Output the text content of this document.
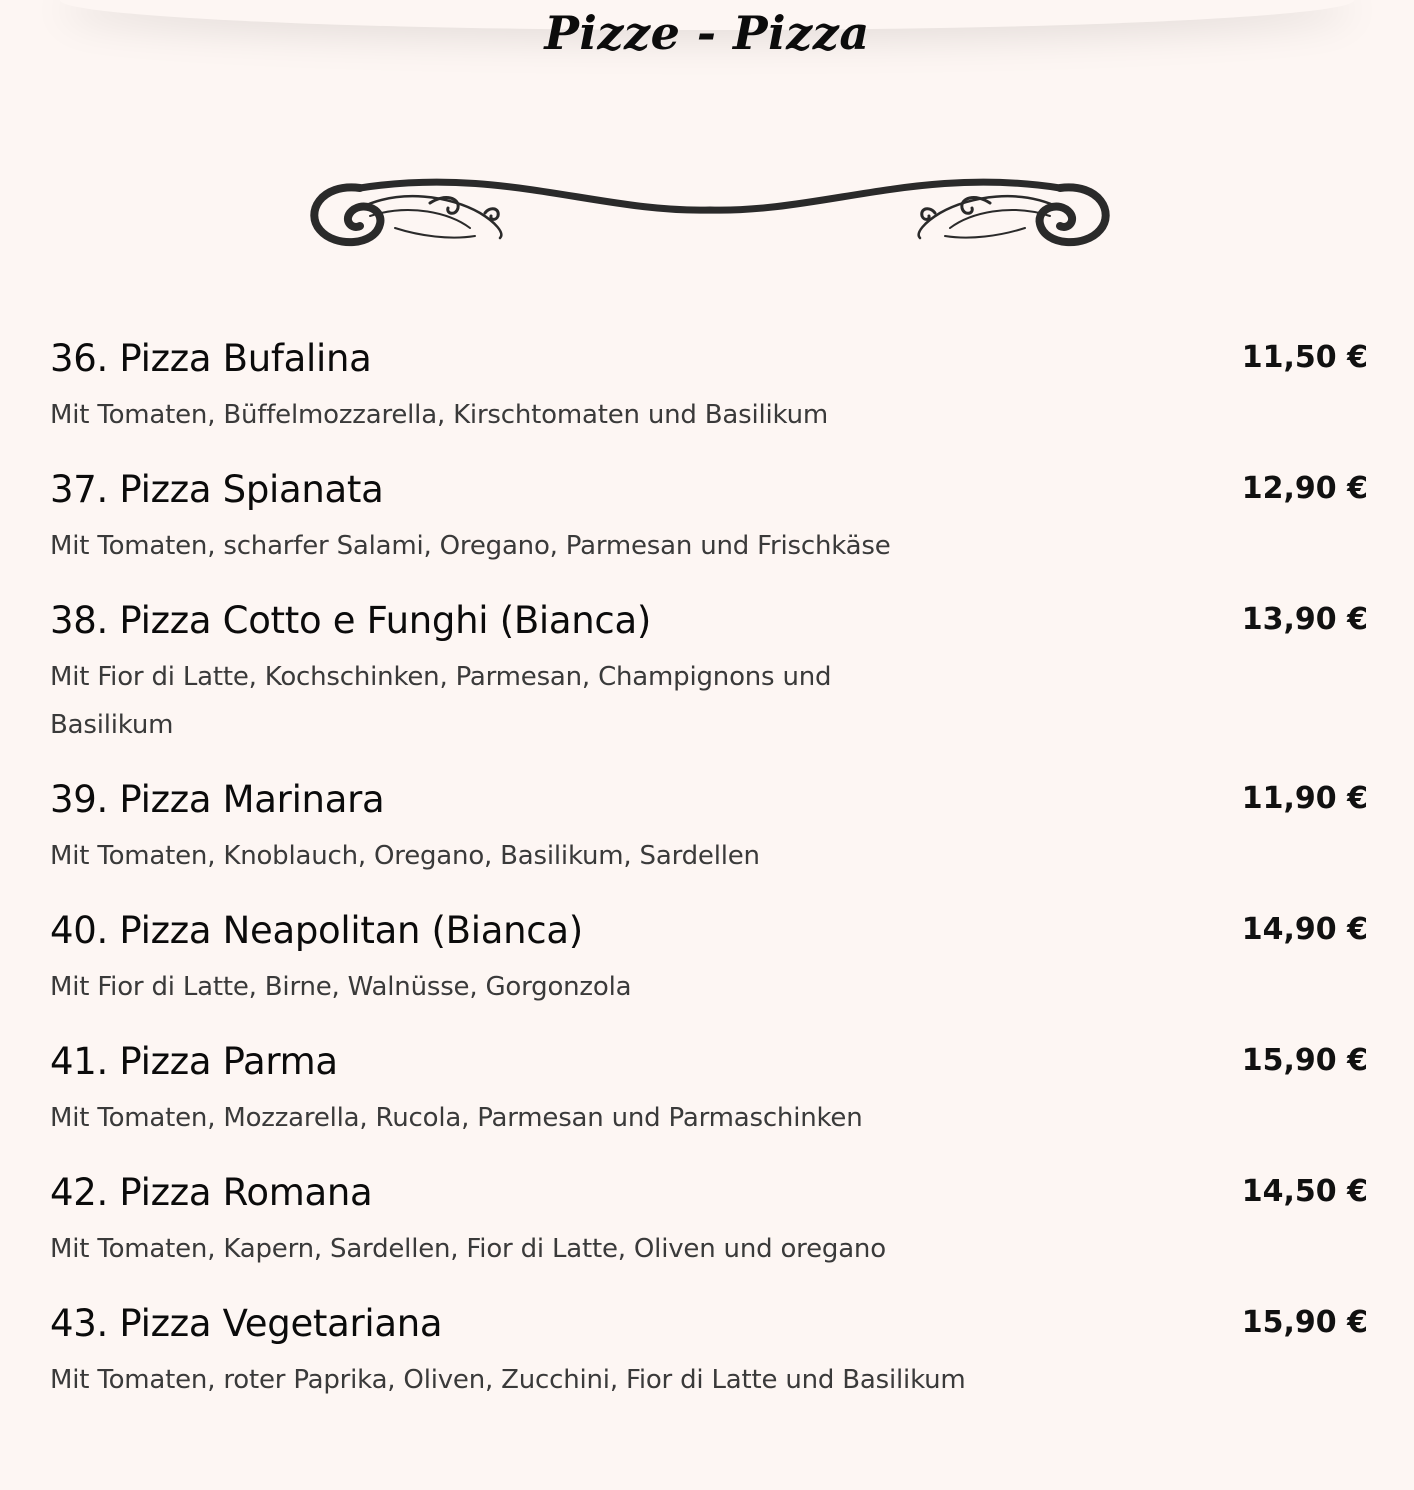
Pizze - Pizza
36. Pizza Bufalina	11,50 €
Mit Tomaten, Büffelmozzarella, Kirschtomaten und Basilikum
37. Pizza Spianata	12,90 €
Mit Tomaten, scharfer Salami, Oregano, Parmesan und Frischkäse
38. Pizza Cotto e Funghi (Bianca)	13,90 €
Mit Fior di Latte, Kochschinken, Parmesan, Champignons und Basilikum
39. Pizza Marinara	11,90 €
Mit Tomaten, Knoblauch, Oregano, Basilikum, Sardellen
40. Pizza Neapolitan (Bianca)	14,90 €
Mit Fior di Latte, Birne, Walnüsse, Gorgonzola
41. Pizza Parma	15,90 €
Mit Tomaten, Mozzarella, Rucola, Parmesan und Parmaschinken
42. Pizza Romana	14,50 €
Mit Tomaten, Kapern, Sardellen, Fior di Latte, Oliven und oregano
43. Pizza Vegetariana	15,90 €
Mit Tomaten, roter Paprika, Oliven, Zucchini, Fior di Latte und Basilikum
